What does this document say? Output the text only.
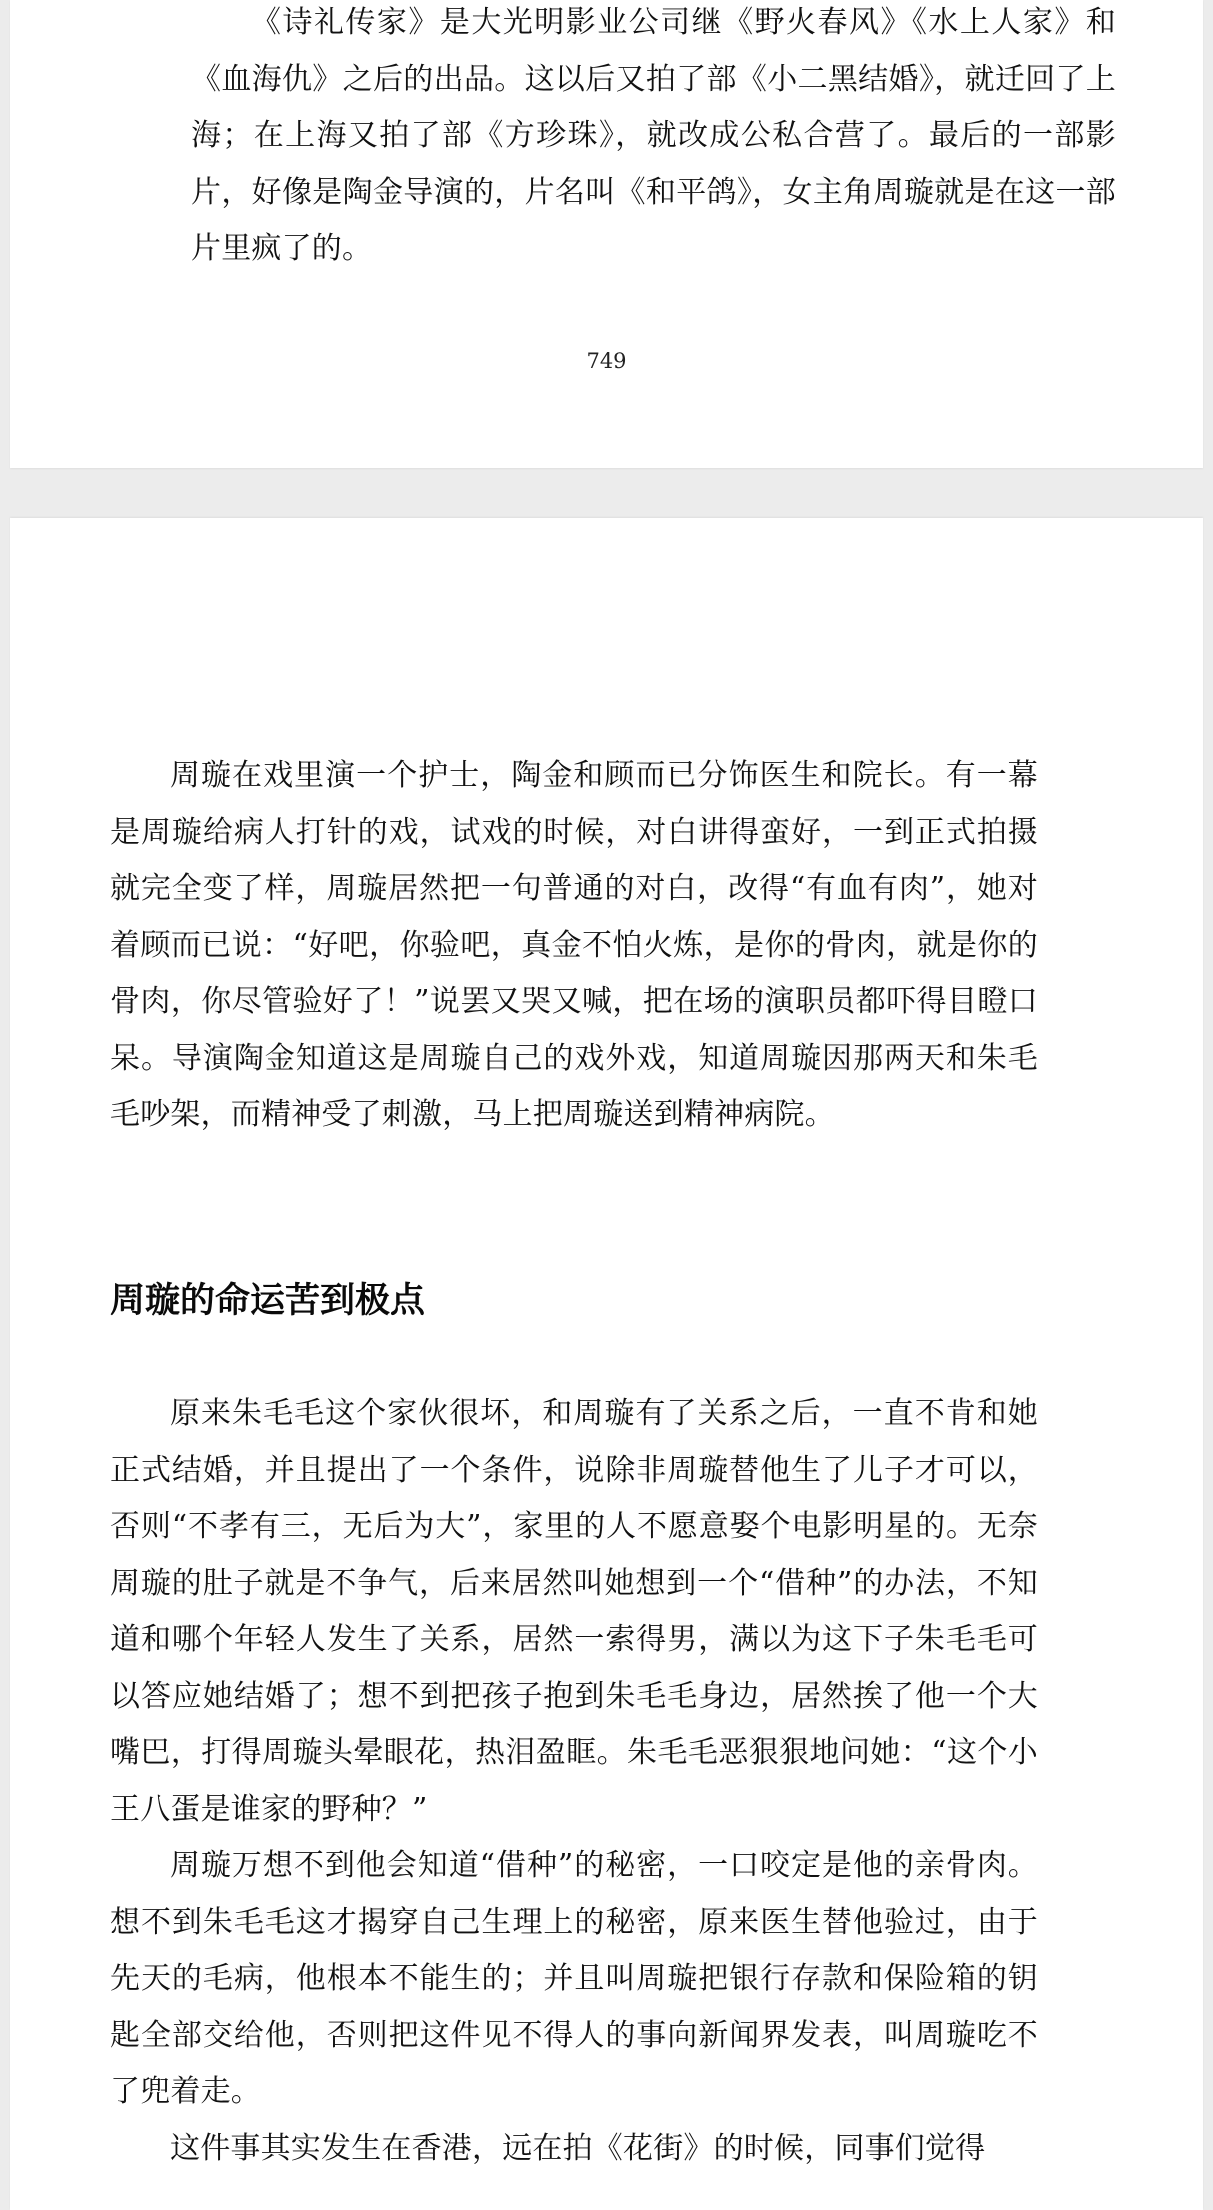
《诗礼传家》是大光明影业公司继《野火春风》《水上人家》和《血海仇》之后的出品。这以后又拍了部《小二黑结婚》，就迁回了上海；在上海又拍了部《方珍珠》，就改成公私合营了。最后的一部影片，好像是陶金导演的，片名叫《和平鸽》，女主角周璇就是在这一部片里疯了的。

749

周璇在戏里演一个护士，陶金和顾而已分饰医生和院长。有一幕是周璇给病人打针的戏，试戏的时候，对白讲得蛮好，一到正式拍摄就完全变了样，周璇居然把一句普通的对白，改得“有血有肉”，她对着顾而已说：“好吧，你验吧，真金不怕火炼，是你的骨肉，就是你的骨肉，你尽管验好了！”说罢又哭又喊，把在场的演职员都吓得目瞪口呆。导演陶金知道这是周璇自己的戏外戏，知道周璇因那两天和朱毛毛吵架，而精神受了刺激，马上把周璇送到精神病院。

周璇的命运苦到极点

原来朱毛毛这个家伙很坏，和周璇有了关系之后，一直不肯和她正式结婚，并且提出了一个条件，说除非周璇替他生了儿子才可以，否则“不孝有三，无后为大”，家里的人不愿意娶个电影明星的。无奈周璇的肚子就是不争气，后来居然叫她想到一个“借种”的办法，不知道和哪个年轻人发生了关系，居然一索得男，满以为这下子朱毛毛可以答应她结婚了；想不到把孩子抱到朱毛毛身边，居然挨了他一个大嘴巴，打得周璇头晕眼花，热泪盈眶。朱毛毛恶狠狠地问她：“这个小王八蛋是谁家的野种？”

周璇万想不到他会知道“借种”的秘密，一口咬定是他的亲骨肉。想不到朱毛毛这才揭穿自己生理上的秘密，原来医生替他验过，由于先天的毛病，他根本不能生的；并且叫周璇把银行存款和保险箱的钥匙全部交给他，否则把这件见不得人的事向新闻界发表，叫周璇吃不了兜着走。

这件事其实发生在香港，远在拍《花街》的时候，同事们觉得
